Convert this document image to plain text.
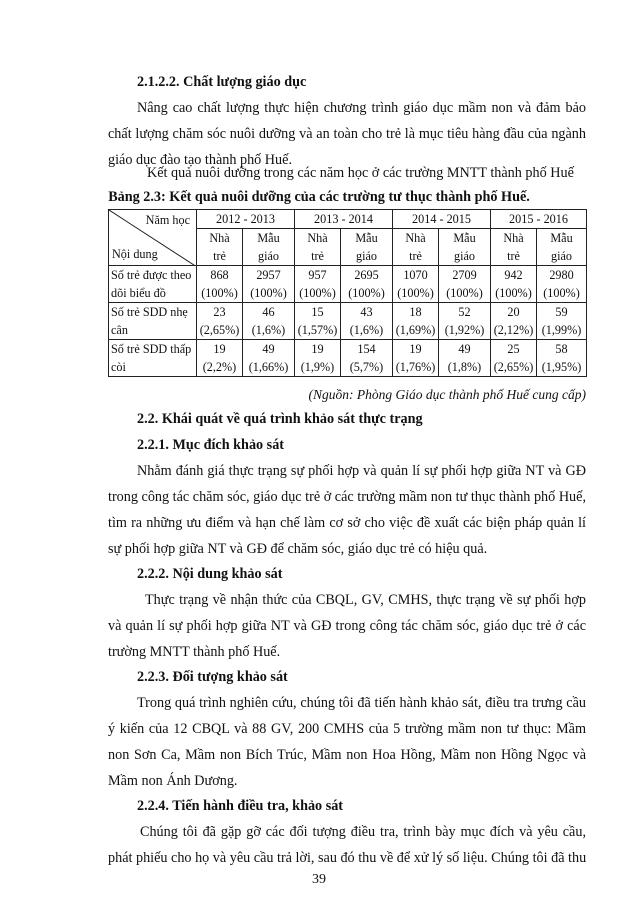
2.1.2.2. Chất lượng giáo dục
Nâng cao chất lượng thực hiện chương trình giáo dục mầm non và đảm bảo
chất lượng chăm sóc nuôi dưỡng và an toàn cho trẻ là mục tiêu hàng đầu của ngành
giáo dục đào tạo thành phố Huế.
Kết quả nuôi dưỡng trong các năm học ở các trường MNTT thành phố Huế
Bảng 2.3: Kết quả nuôi dưỡng của các trường tư thục thành phố Huế.
Năm học
Nội dung	2012 - 2013		2013 - 2014		2014 - 2015		2015 - 2016	
	Nhà	Mẫu	Nhà	Mẫu	Nhà	Mẫu	Nhà	Mẫu
	trẻ	giáo	trẻ	giáo	trẻ	giáo	trẻ	giáo
Số trẻ được theo	868	2957	957	2695	1070	2709	942	2980
dõi biểu đồ	(100%)	(100%)	(100%)	(100%)	(100%)	(100%)	(100%)	(100%)
Số trẻ SDD nhẹ	23	46	15	43	18	52	20	59
cân	(2,65%)	(1,6%)	(1,57%)	(1,6%)	(1,69%)	(1,92%)	(2,12%)	(1,99%)
Số trẻ SDD thấp	19	49	19	154	19	49	25	58
còi	(2,2%)	(1,66%)	(1,9%)	(5,7%)	(1,76%)	(1,8%)	(2,65%)	(1,95%)
(Nguồn: Phòng Giáo dục thành phố Huế cung cấp)
2.2. Khái quát về quá trình khảo sát thực trạng
2.2.1. Mục đích khảo sát
Nhằm đánh giá thực trạng sự phối hợp và quản lí sự phối hợp giữa NT và GĐ
trong công tác chăm sóc, giáo dục trẻ ở các trường mầm non tư thục thành phố Huế,
tìm ra những ưu điểm và hạn chế làm cơ sở cho việc đề xuất các biện pháp quản lí
sự phối hợp giữa NT và GĐ để chăm sóc, giáo dục trẻ có hiệu quả.
2.2.2. Nội dung khảo sát
Thực trạng về nhận thức của CBQL, GV, CMHS, thực trạng về sự phối hợp
và quản lí sự phối hợp giữa NT và GĐ trong công tác chăm sóc, giáo dục trẻ ở các
trường MNTT thành phố Huế.
2.2.3. Đối tượng khảo sát
Trong quá trình nghiên cứu, chúng tôi đã tiến hành khảo sát, điều tra trưng cầu
ý kiến của 12 CBQL và 88 GV, 200 CMHS của 5 trường mầm non tư thục: Mầm
non Sơn Ca, Mầm non Bích Trúc, Mầm non Hoa Hồng, Mầm non Hồng Ngọc và
Mầm non Ánh Dương.
2.2.4. Tiến hành điều tra, khảo sát
Chúng tôi đã gặp gỡ các đối tượng điều tra, trình bày mục đích và yêu cầu,
phát phiếu cho họ và yêu cầu trả lời, sau đó thu về để xử lý số liệu. Chúng tôi đã thu
39
